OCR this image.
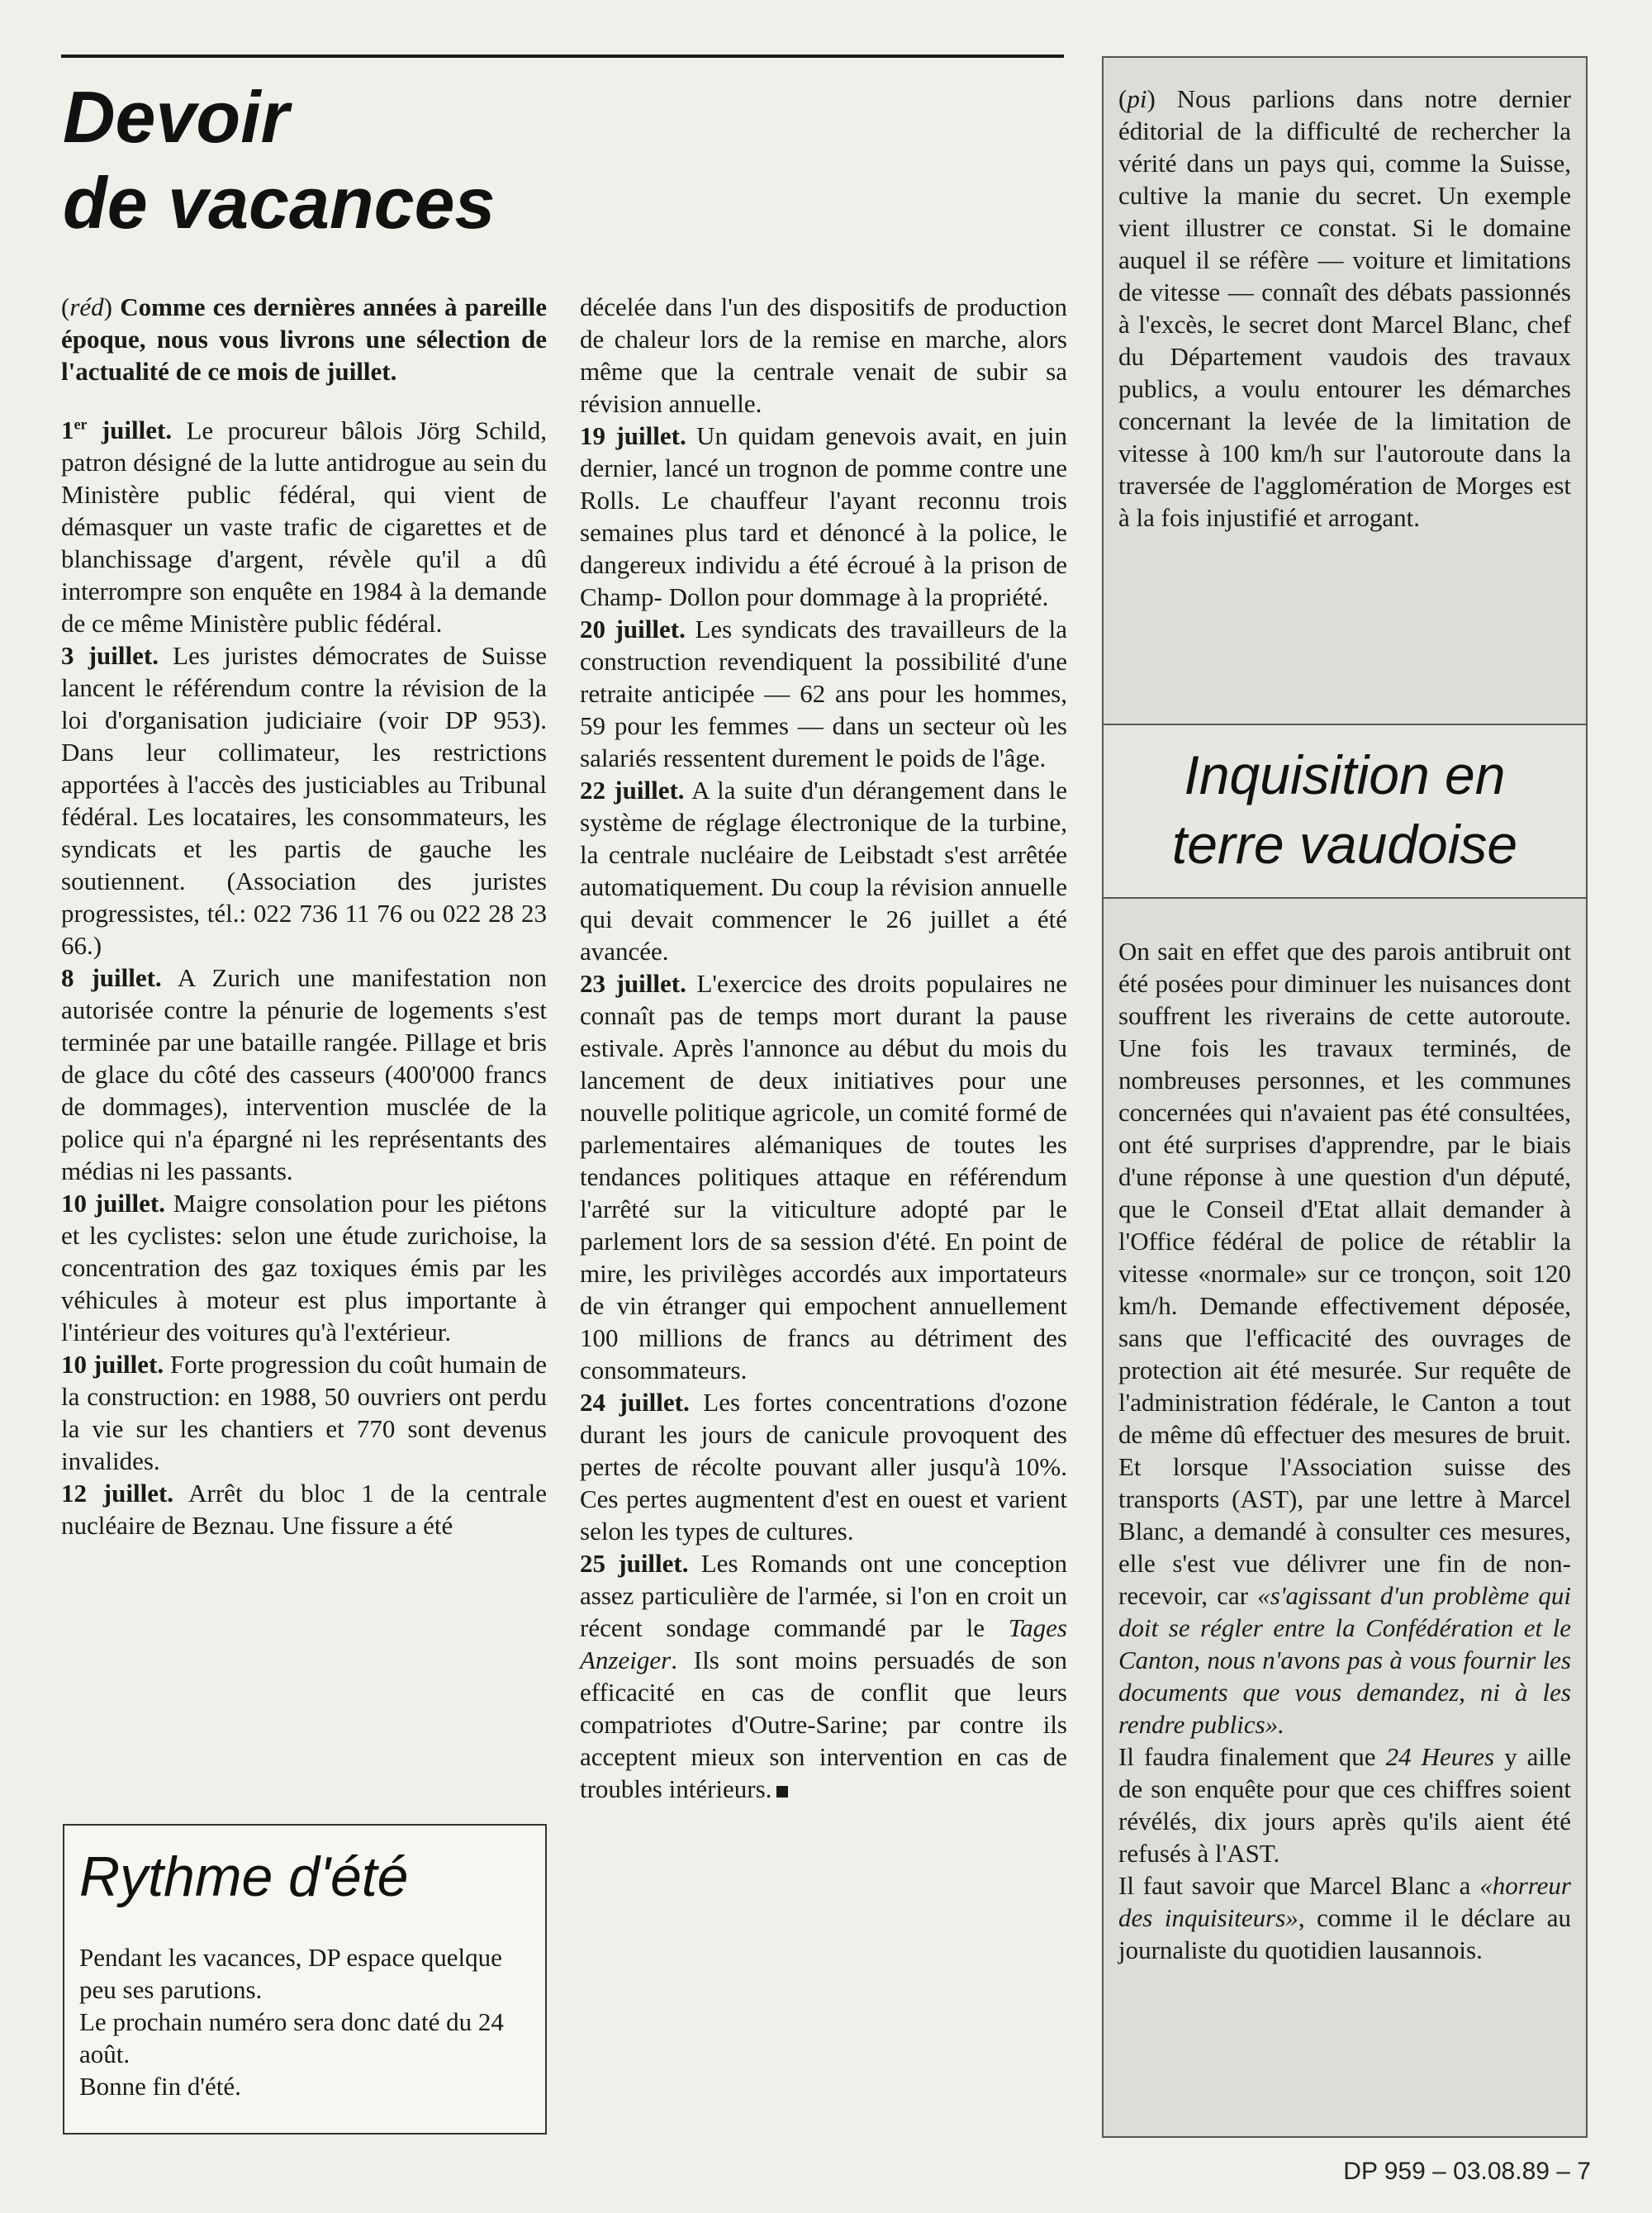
Devoir
de vacances

(réd) Comme ces dernières années à pareille époque, nous vous livrons une sélection de l'actualité de ce mois de juillet.

1er juillet. Le procureur bâlois Jörg Schild, patron désigné de la lutte antidrogue au sein du Ministère public fédéral, qui vient de démasquer un vaste trafic de cigarettes et de blanchissage d'argent, révèle qu'il a dû interrompre son enquête en 1984 à la demande de ce même Ministère public fédéral.

3 juillet. Les juristes démocrates de Suisse lancent le référendum contre la révision de la loi d'organisation judiciaire (voir DP 953). Dans leur collimateur, les restrictions apportées à l'accès des justiciables au Tribunal fédéral. Les locataires, les consommateurs, les syndicats et les partis de gauche les soutiennent. (Association des juristes progressistes, tél.: 022 736 11 76 ou 022 28 23 66.)

8 juillet. A Zurich une manifestation non autorisée contre la pénurie de logements s'est terminée par une bataille rangée. Pillage et bris de glace du côté des casseurs (400'000 francs de dommages), intervention musclée de la police qui n'a épargné ni les représentants des médias ni les passants.

10 juillet. Maigre consolation pour les piétons et les cyclistes: selon une étude zurichoise, la concentration des gaz toxiques émis par les véhicules à moteur est plus importante à l'intérieur des voitures qu'à l'extérieur.

10 juillet. Forte progression du coût humain de la construction: en 1988, 50 ouvriers ont perdu la vie sur les chantiers et 770 sont devenus invalides.

12 juillet. Arrêt du bloc 1 de la centrale nucléaire de Beznau. Une fissure a été

décelée dans l'un des dispositifs de production de chaleur lors de la remise en marche, alors même que la centrale venait de subir sa révision annuelle.

19 juillet. Un quidam genevois avait, en juin dernier, lancé un trognon de pomme contre une Rolls. Le chauffeur l'ayant reconnu trois semaines plus tard et dénoncé à la police, le dangereux individu a été écroué à la prison de Champ- Dollon pour dommage à la propriété.

20 juillet. Les syndicats des travailleurs de la construction revendiquent la possibilité d'une retraite anticipée — 62 ans pour les hommes, 59 pour les femmes — dans un secteur où les salariés ressentent durement le poids de l'âge.

22 juillet. A la suite d'un dérangement dans le système de réglage électronique de la turbine, la centrale nucléaire de Leibstadt s'est arrêtée automatiquement. Du coup la révision annuelle qui devait commencer le 26 juillet a été avancée.

23 juillet. L'exercice des droits populaires ne connaît pas de temps mort durant la pause estivale. Après l'annonce au début du mois du lancement de deux initiatives pour une nouvelle politique agricole, un comité formé de parlementaires alémaniques de toutes les tendances politiques attaque en référendum l'arrêté sur la viticulture adopté par le parlement lors de sa session d'été. En point de mire, les privilèges accordés aux importateurs de vin étranger qui empochent annuellement 100 millions de francs au détriment des consommateurs.

24 juillet. Les fortes concentrations d'ozone durant les jours de canicule provoquent des pertes de récolte pouvant aller jusqu'à 10%. Ces pertes augmentent d'est en ouest et varient selon les types de cultures.

25 juillet. Les Romands ont une conception assez particulière de l'armée, si l'on en croit un récent sondage commandé par le Tages Anzeiger. Ils sont moins persuadés de son efficacité en cas de conflit que leurs compatriotes d'Outre-Sarine; par contre ils acceptent mieux son intervention en cas de troubles intérieurs.

Rythme d'été

Pendant les vacances, DP espace quelque peu ses parutions.

Le prochain numéro sera donc daté du 24 août.

Bonne fin d'été.

(pi) Nous parlions dans notre dernier éditorial de la difficulté de rechercher la vérité dans un pays qui, comme la Suisse, cultive la manie du secret. Un exemple vient illustrer ce constat. Si le domaine auquel il se réfère — voiture et limitations de vitesse — connaît des débats passionnés à l'excès, le secret dont Marcel Blanc, chef du Département vaudois des travaux publics, a voulu entourer les démarches concernant la levée de la limitation de vitesse à 100 km/h sur l'autoroute dans la traversée de l'agglomération de Morges est à la fois injustifié et arrogant.

Inquisition en
terre vaudoise

On sait en effet que des parois antibruit ont été posées pour diminuer les nuisances dont souffrent les riverains de cette autoroute. Une fois les travaux terminés, de nombreuses personnes, et les communes concernées qui n'avaient pas été consultées, ont été surprises d'apprendre, par le biais d'une réponse à une question d'un député, que le Conseil d'Etat allait demander à l'Office fédéral de police de rétablir la vitesse «normale» sur ce tronçon, soit 120 km/h. Demande effectivement déposée, sans que l'efficacité des ouvrages de protection ait été mesurée. Sur requête de l'administration fédérale, le Canton a tout de même dû effectuer des mesures de bruit. Et lorsque l'Association suisse des transports (AST), par une lettre à Marcel Blanc, a demandé à consulter ces mesures, elle s'est vue délivrer une fin de non-recevoir, car «s'agissant d'un problème qui doit se régler entre la Confédération et le Canton, nous n'avons pas à vous fournir les documents que vous demandez, ni à les rendre publics».

Il faudra finalement que 24 Heures y aille de son enquête pour que ces chiffres soient révélés, dix jours après qu'ils aient été refusés à l'AST.

Il faut savoir que Marcel Blanc a «horreur des inquisiteurs», comme il le déclare au journaliste du quotidien lausannois.

DP 959 – 03.08.89 – 7
